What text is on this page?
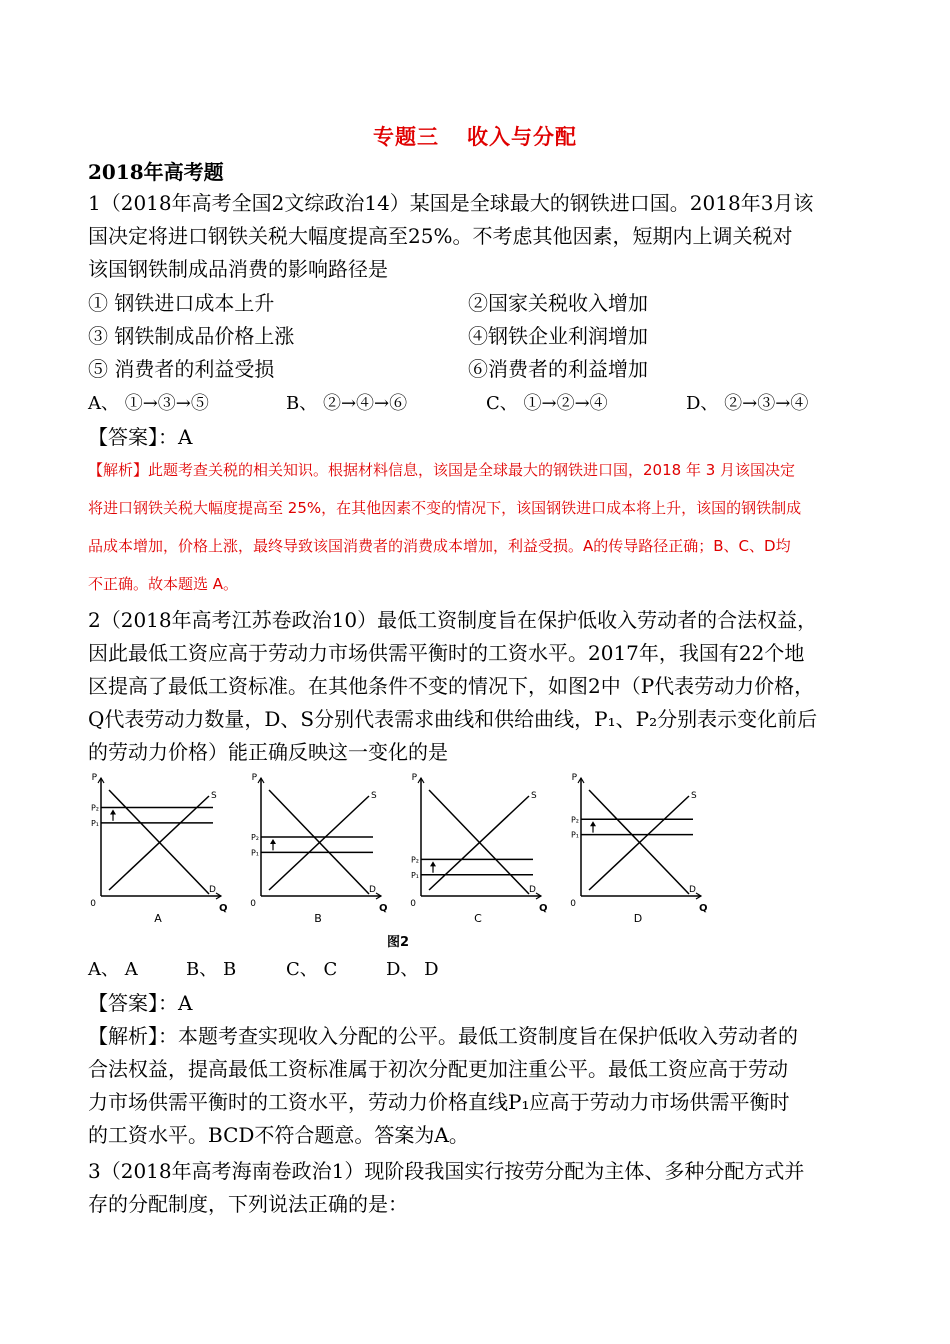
专题三 收入与分配
2018年高考题
1（2018年高考全国2文综政治14）某国是全球最大的钢铁进口国。2018年3月该
国决定将进口钢铁关税大幅度提高至25%。不考虑其他因素，短期内上调关税对
该国钢铁制成品消费的影响路径是
① 钢铁进口成本上升	②国家关税收入增加
③ 钢铁制成品价格上涨	④钢铁企业利润增加
⑤ 消费者的利益受损	⑥消费者的利益增加
A、 ①→③→⑤	B、 ②→④→⑥	C、 ①→②→④	D、 ②→③→④
【答案】：A
【解析】此题考查关税的相关知识。根据材料信息，该国是全球最大的钢铁进口国，2018 年 3 月该国决定
将进口钢铁关税大幅度提高至 25%，在其他因素不变的情况下，该国钢铁进口成本将上升，该国的钢铁制成
品成本增加，价格上涨，最终导致该国消费者的消费成本增加，利益受损。A的传导路径正确；B、C、D均
不正确。故本题选 A。
2（2018年高考江苏卷政治10）最低工资制度旨在保护低收入劳动者的合法权益，
因此最低工资应高于劳动力市场供需平衡时的工资水平。2017年，我国有22个地
区提高了最低工资标准。在其他条件不变的情况下，如图2中（P代表劳动力价格，
Q代表劳动力数量，D、S分别代表需求曲线和供给曲线，P₁、P₂分别表示变化前后
的劳动力价格）能正确反映这一变化的是
P
Q
0
S
D
P₁
P₂
A
P
Q
0
S
D
P₁
P₂
B
P
Q
0
S
D
P₁
P₂
C
P
Q
0
S
D
P₁
P₂
D
图2
A、 A	B、 B	C、 C	D、 D
【答案】：A
【解析】：本题考查实现收入分配的公平。最低工资制度旨在保护低收入劳动者的
合法权益，提高最低工资标准属于初次分配更加注重公平。最低工资应高于劳动
力市场供需平衡时的工资水平，劳动力价格直线P₁应高于劳动力市场供需平衡时
的工资水平。BCD不符合题意。答案为A。
3（2018年高考海南卷政治1）现阶段我国实行按劳分配为主体、多种分配方式并
存的分配制度，下列说法正确的是：
